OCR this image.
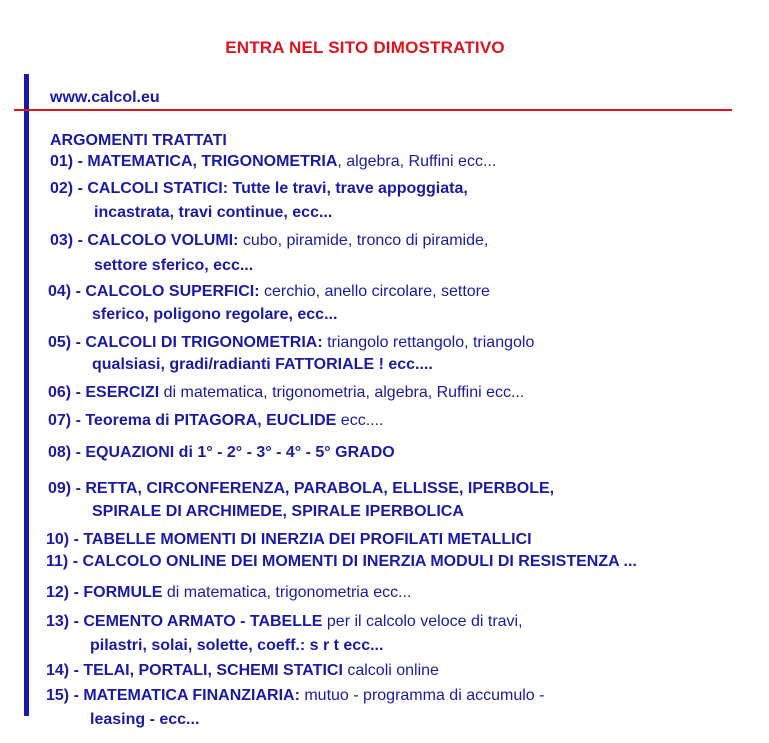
ENTRA NEL SITO DIMOSTRATIVO
www.calcol.eu
ARGOMENTI TRATTATI
01) - MATEMATICA, TRIGONOMETRIA, algebra, Ruffini ecc...
02) - CALCOLI STATICI: Tutte le travi, trave appoggiata,
incastrata, travi continue, ecc...
03) - CALCOLO VOLUMI: cubo, piramide, tronco di piramide,
settore sferico, ecc...
04) - CALCOLO SUPERFICI: cerchio, anello circolare, settore
sferico, poligono regolare, ecc...
05) - CALCOLI DI TRIGONOMETRIA: triangolo rettangolo, triangolo
qualsiasi, gradi/radianti FATTORIALE ! ecc....
06) - ESERCIZI di matematica, trigonometria, algebra, Ruffini ecc...
07) - Teorema di PITAGORA, EUCLIDE ecc....
08) - EQUAZIONI di 1° - 2° - 3° - 4° - 5° GRADO
09) - RETTA, CIRCONFERENZA, PARABOLA, ELLISSE, IPERBOLE,
SPIRALE DI ARCHIMEDE, SPIRALE IPERBOLICA
10) - TABELLE MOMENTI DI INERZIA DEI PROFILATI METALLICI
11) - CALCOLO ONLINE DEI MOMENTI DI INERZIA MODULI DI RESISTENZA ...
12) - FORMULE di matematica, trigonometria ecc...
13) - CEMENTO ARMATO - TABELLE per il calcolo veloce di travi,
pilastri, solai, solette, coeff.: s r t ecc...
14) - TELAI, PORTALI, SCHEMI STATICI calcoli online
15) - MATEMATICA FINANZIARIA: mutuo - programma di accumulo -
leasing - ecc...
